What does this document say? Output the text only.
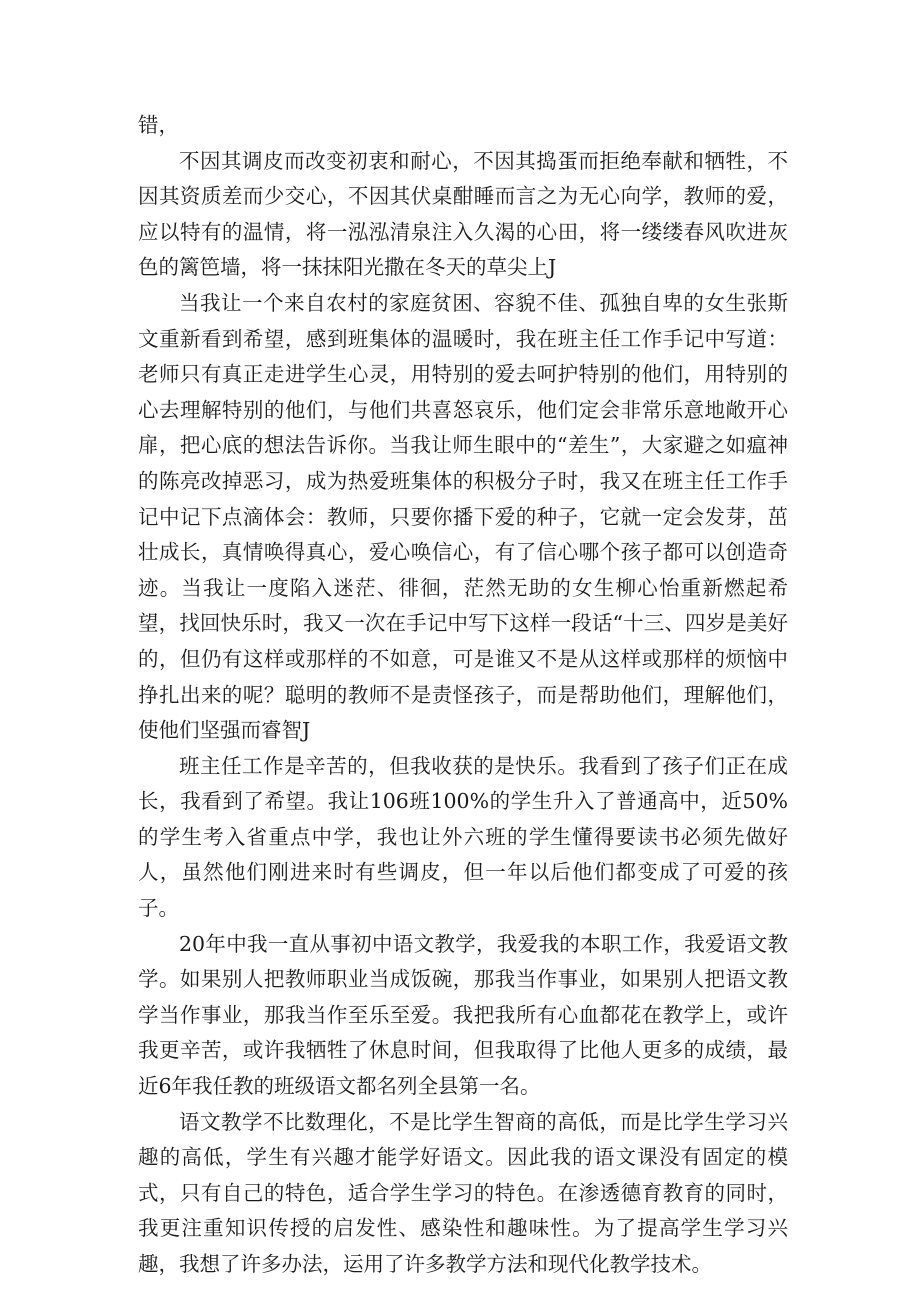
错，

不因其调皮而改变初衷和耐心，不因其捣蛋而拒绝奉献和牺牲，不因其资质差而少交心，不因其伏桌酣睡而言之为无心向学，教师的爱，应以特有的温情，将一泓泓清泉注入久渴的心田，将一缕缕春风吹进灰色的篱笆墙，将一抹抹阳光撒在冬天的草尖上J

当我让一个来自农村的家庭贫困、容貌不佳、孤独自卑的女生张斯文重新看到希望，感到班集体的温暖时，我在班主任工作手记中写道：老师只有真正走进学生心灵，用特别的爱去呵护特别的他们，用特别的心去理解特别的他们，与他们共喜怒哀乐，他们定会非常乐意地敞开心扉，把心底的想法告诉你。当我让师生眼中的“差生”，大家避之如瘟神的陈亮改掉恶习，成为热爱班集体的积极分子时，我又在班主任工作手记中记下点滴体会：教师，只要你播下爱的种子，它就一定会发芽，茁壮成长，真情唤得真心，爱心唤信心，有了信心哪个孩子都可以创造奇迹。当我让一度陷入迷茫、徘徊，茫然无助的女生柳心怡重新燃起希望，找回快乐时，我又一次在手记中写下这样一段话“十三、四岁是美好的，但仍有这样或那样的不如意，可是谁又不是从这样或那样的烦恼中挣扎出来的呢？聪明的教师不是责怪孩子，而是帮助他们，理解他们，使他们坚强而睿智J

班主任工作是辛苦的，但我收获的是快乐。我看到了孩子们正在成长，我看到了希望。我让106班100%的学生升入了普通高中，近50%的学生考入省重点中学，我也让外六班的学生懂得要读书必须先做好人，虽然他们刚进来时有些调皮，但一年以后他们都变成了可爱的孩子。

20年中我一直从事初中语文教学，我爱我的本职工作，我爱语文教学。如果别人把教师职业当成饭碗，那我当作事业，如果别人把语文教学当作事业，那我当作至乐至爱。我把我所有心血都花在教学上，或许我更辛苦，或许我牺牲了休息时间，但我取得了比他人更多的成绩，最近6年我任教的班级语文都名列全县第一名。

语文教学不比数理化，不是比学生智商的高低，而是比学生学习兴趣的高低，学生有兴趣才能学好语文。因此我的语文课没有固定的模式，只有自己的特色，适合学生学习的特色。在渗透德育教育的同时，我更注重知识传授的启发性、感染性和趣味性。为了提高学生学习兴趣，我想了许多办法，运用了许多教学方法和现代化教学技术。
